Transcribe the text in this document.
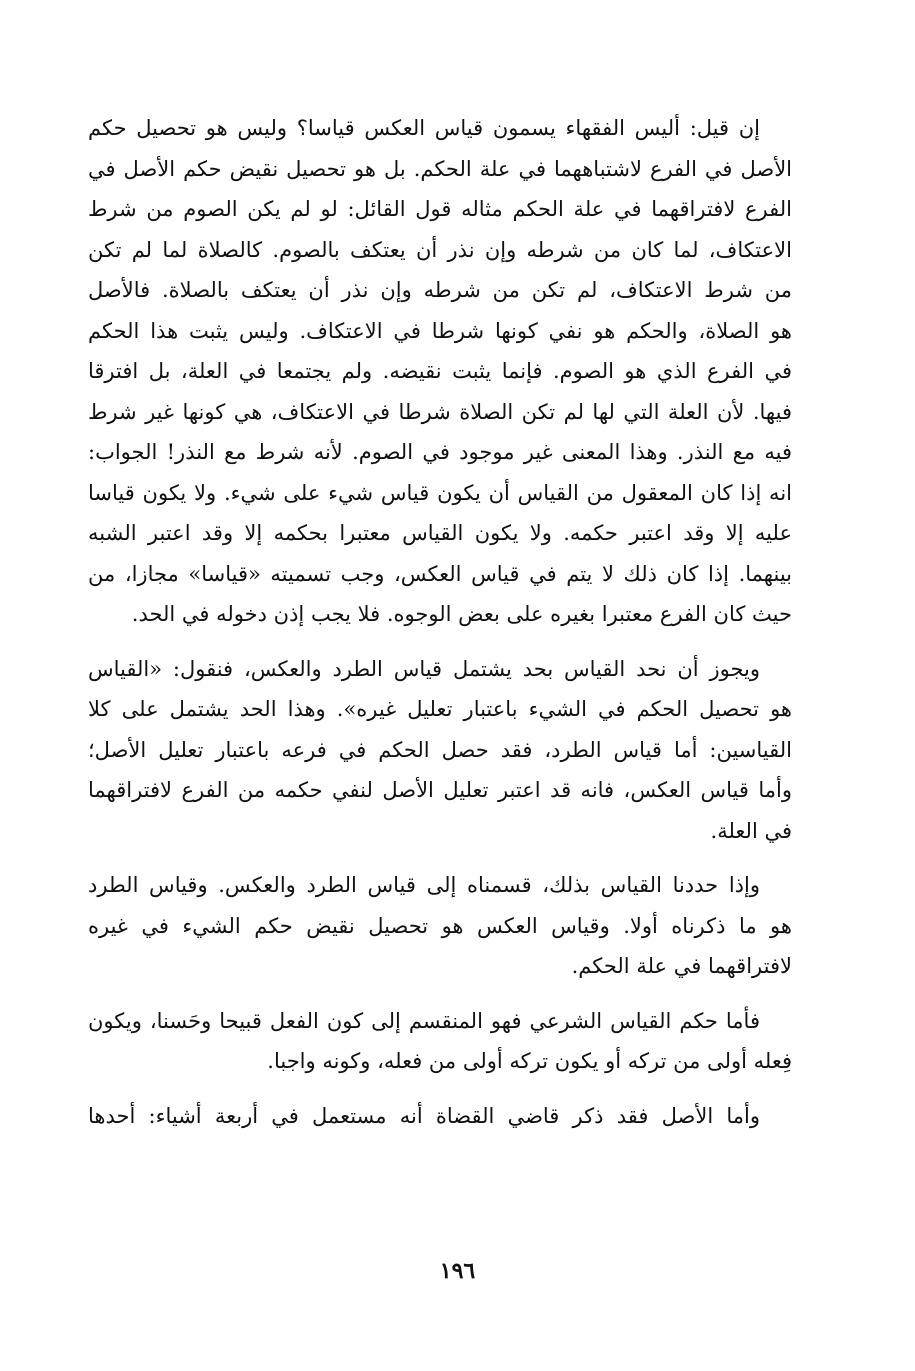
إن قيل: أليس الفقهاء يسمون قياس العكس قياسا؟ وليس هو تحصيل حكم
الأصل في الفرع لاشتباههما في علة الحكم. بل هو تحصيل نقيض حكم الأصل في
الفرع لافتراقهما في علة الحكم مثاله قول القائل: لو لم يكن الصوم من شرط
الاعتكاف، لما كان من شرطه وإن نذر أن يعتكف بالصوم. كالصلاة لما لم تكن
من شرط الاعتكاف، لم تكن من شرطه وإن نذر أن يعتكف بالصلاة. فالأصل
هو الصلاة، والحكم هو نفي كونها شرطا في الاعتكاف. وليس يثبت هذا الحكم
في الفرع الذي هو الصوم. فإنما يثبت نقيضه. ولم يجتمعا في العلة، بل افترقا
فيها. لأن العلة التي لها لم تكن الصلاة شرطا في الاعتكاف، هي كونها غير شرط
فيه مع النذر. وهذا المعنى غير موجود في الصوم. لأنه شرط مع النذر! الجواب:
انه إذا كان المعقول من القياس أن يكون قياس شيء على شيء. ولا يكون قياسا
عليه إلا وقد اعتبر حكمه. ولا يكون القياس معتبرا بحكمه إلا وقد اعتبر الشبه
بينهما. إذا كان ذلك لا يتم في قياس العكس، وجب تسميته «قياسا» مجازا، من
حيث كان الفرع معتبرا بغيره على بعض الوجوه. فلا يجب إذن دخوله في الحد.
ويجوز أن نحد القياس بحد يشتمل قياس الطرد والعكس، فنقول: «القياس
هو تحصيل الحكم في الشيء باعتبار تعليل غيره». وهذا الحد يشتمل على كلا
القياسين: أما قياس الطرد، فقد حصل الحكم في فرعه باعتبار تعليل الأصل؛
وأما قياس العكس، فانه قد اعتبر تعليل الأصل لنفي حكمه من الفرع لافتراقهما
في العلة.
وإذا حددنا القياس بذلك، قسمناه إلى قياس الطرد والعكس. وقياس الطرد
هو ما ذكرناه أولا. وقياس العكس هو تحصيل نقيض حكم الشيء في غيره
لافتراقهما في علة الحكم.
فأما حكم القياس الشرعي فهو المنقسم إلى كون الفعل قبيحا وحَسنا، ويكون
فِعله أولى من تركه أو يكون تركه أولى من فعله، وكونه واجبا.
وأما الأصل فقد ذكر قاضي القضاة أنه مستعمل في أربعة أشياء: أحدها
١٩٦
